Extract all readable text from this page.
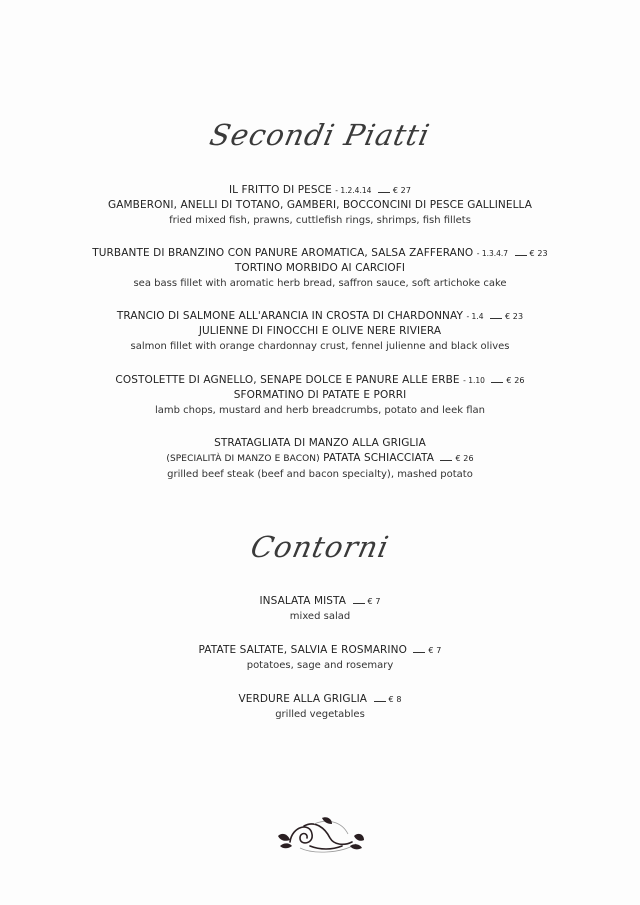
Secondi Piatti
IL FRITTO DI PESCE - 1.2.4.14	€ 27
GAMBERONI, ANELLI DI TOTANO, GAMBERI, BOCCONCINI DI PESCE GALLINELLA
fried mixed fish, prawns, cuttlefish rings, shrimps, fish fillets
TURBANTE DI BRANZINO CON PANURE AROMATICA, SALSA ZAFFERANO - 1.3.4.7	€ 23
TORTINO MORBIDO AI CARCIOFI
sea bass fillet with aromatic herb bread, saffron sauce, soft artichoke cake
TRANCIO DI SALMONE ALL'ARANCIA IN CROSTA DI CHARDONNAY - 1.4	€ 23
JULIENNE DI FINOCCHI E OLIVE NERE RIVIERA
salmon fillet with orange chardonnay crust, fennel julienne and black olives
COSTOLETTE DI AGNELLO, SENAPE DOLCE E PANURE ALLE ERBE - 1.10	€ 26
SFORMATINO DI PATATE E PORRI
lamb chops, mustard and herb breadcrumbs, potato and leek flan
STRATAGLIATA DI MANZO ALLA GRIGLIA
(SPECIALITÀ DI MANZO E BACON) PATATA SCHIACCIATA	€ 26
grilled beef steak (beef and bacon specialty), mashed potato
Contorni
INSALATA MISTA	€ 7
mixed salad
PATATE SALTATE, SALVIA E ROSMARINO	€ 7
potatoes, sage and rosemary
VERDURE ALLA GRIGLIA	€ 8
grilled vegetables
